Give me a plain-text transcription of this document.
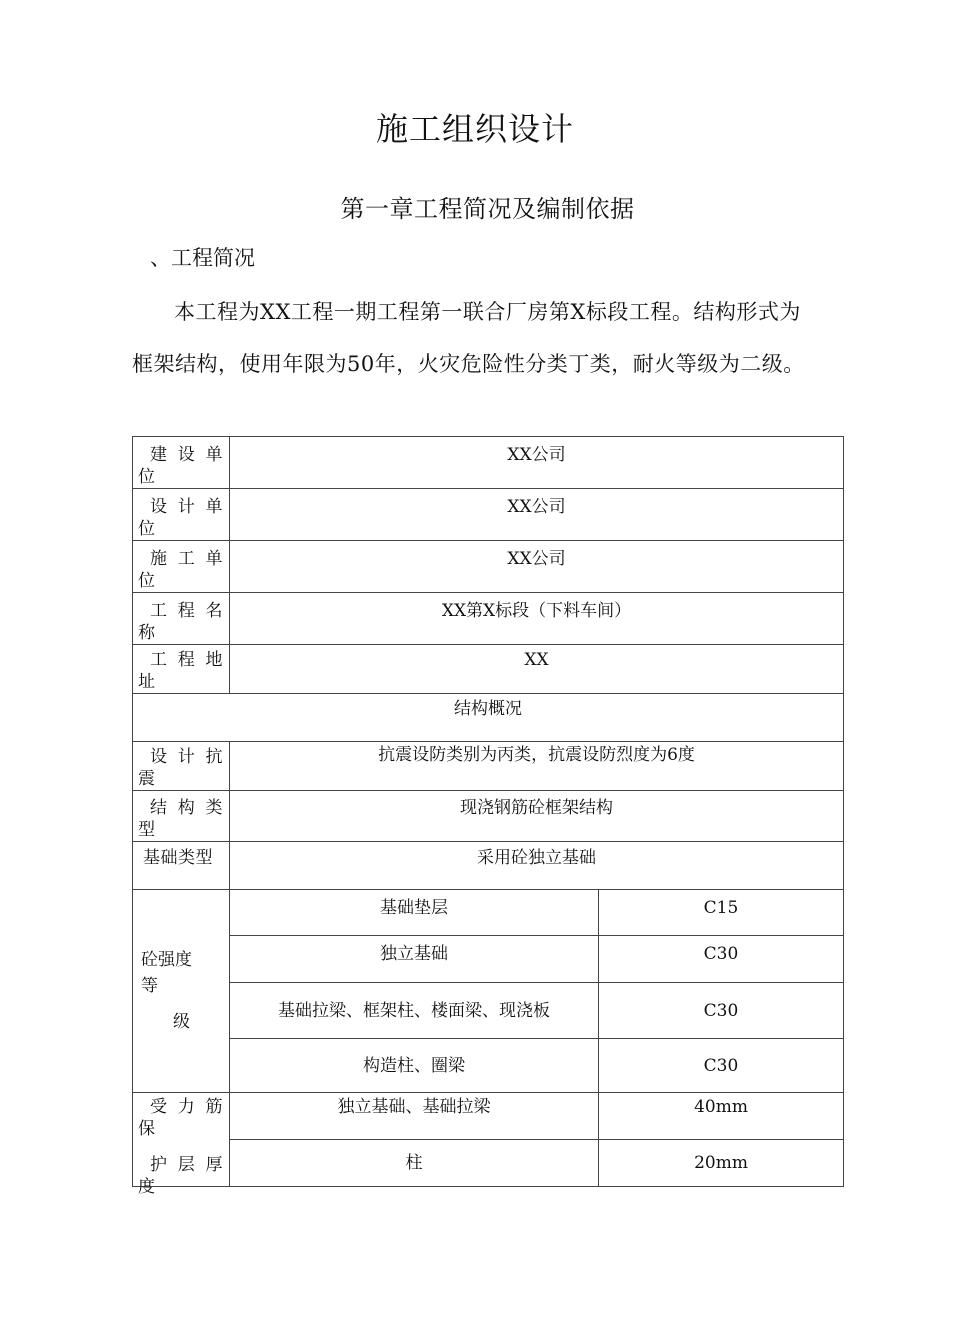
施工组织设计
第一章工程简况及编制依据
、工程简况
本工程为XX工程一期工程第一联合厂房第X标段工程。结构形式为框架结构，使用年限为50年，火灾危险性分类丁类，耐火等级为二级。
建 设 单
位	XX公司	

设 计 单
位	XX公司	

施 工 单
位	XX公司	

工 程 名
称	XX第X标段（下料车间）	

工 程 地
址	XX	
结构概况		

设 计 抗
震	抗震设防类别为丙类，抗震设防烈度为6度	

结 构 类
型	现浇钢筋砼框架结构	
基础类型	采用砼独立基础	

砼强度
等
级	基础垫层	C15
	独立基础	C30
	基础拉梁、框架柱、楼面梁、现浇板	C30
	构造柱、圈梁	C30

受 力 筋
保
护 层 厚
度	独立基础、基础拉梁	40mm
	柱	20mm
